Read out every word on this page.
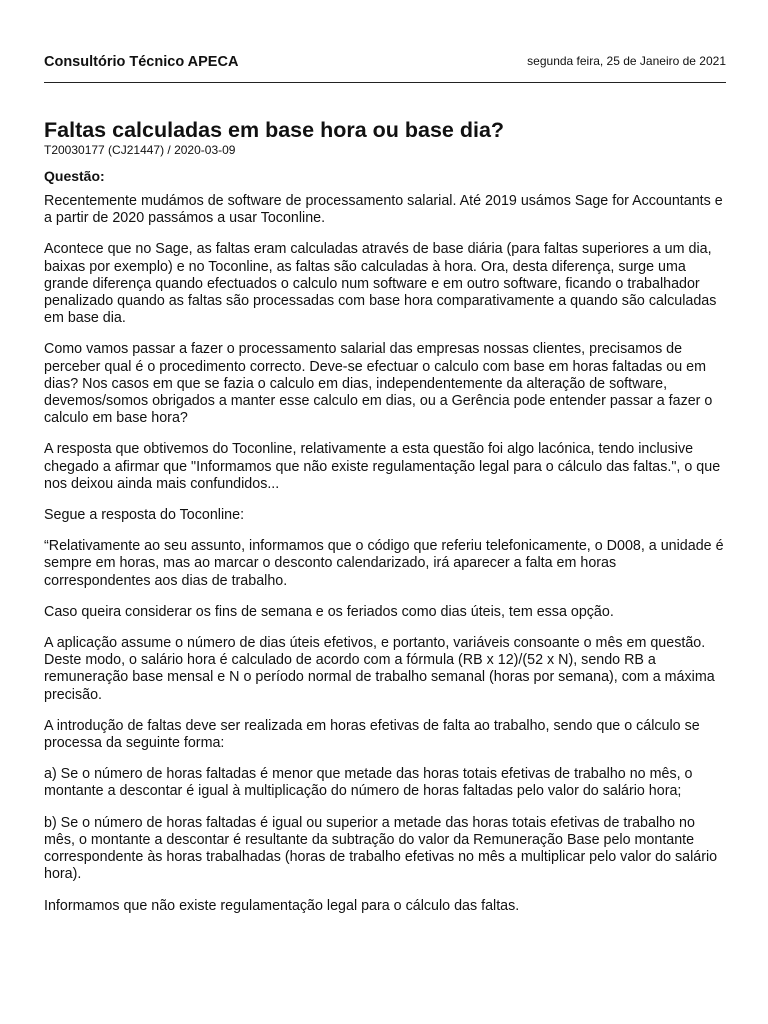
Consultório Técnico APECA	segunda feira, 25 de Janeiro de 2021
Faltas calculadas em base hora ou base dia?
T20030177 (CJ21447) / 2020-03-09
Questão:

Recentemente mudámos de software de processamento salarial. Até 2019 usámos Sage for Accountants e a partir de 2020 passámos a usar Toconline.

Acontece que no Sage, as faltas eram calculadas através de base diária (para faltas superiores a um dia, baixas por exemplo) e no Toconline, as faltas são calculadas à hora. Ora, desta diferença, surge uma grande diferença quando efectuados o calculo num software e em outro software, ficando o trabalhador penalizado quando as faltas são processadas com base hora comparativamente a quando são calculadas em base dia.

Como vamos passar a fazer o processamento salarial das empresas nossas clientes, precisamos de perceber qual é o procedimento correcto. Deve-se efectuar o calculo com base em horas faltadas ou em dias? Nos casos em que se fazia o calculo em dias, independentemente da alteração de software, devemos/somos obrigados a manter esse calculo em dias, ou a Gerência pode entender passar a fazer o calculo em base hora?

A resposta que obtivemos do Toconline, relativamente a esta questão foi algo lacónica, tendo inclusive chegado a afirmar que "Informamos que não existe regulamentação legal para o cálculo das faltas.", o que nos deixou ainda mais confundidos...

Segue a resposta do Toconline:

“Relativamente ao seu assunto, informamos que o código que referiu telefonicamente, o D008, a unidade é sempre em horas, mas ao marcar o desconto calendarizado, irá aparecer a falta em horas correspondentes aos dias de trabalho.

Caso queira considerar os fins de semana e os feriados como dias úteis, tem essa opção.

A aplicação assume o número de dias úteis efetivos, e portanto, variáveis consoante o mês em questão. Deste modo, o salário hora é calculado de acordo com a fórmula (RB x 12)/(52 x N), sendo RB a remuneração base mensal e N o período normal de trabalho semanal (horas por semana), com a máxima precisão.

A introdução de faltas deve ser realizada em horas efetivas de falta ao trabalho, sendo que o cálculo se processa da seguinte forma:

a) Se o número de horas faltadas é menor que metade das horas totais efetivas de trabalho no mês, o montante a descontar é igual à multiplicação do número de horas faltadas pelo valor do salário hora;

b) Se o número de horas faltadas é igual ou superior a metade das horas totais efetivas de trabalho no mês, o montante a descontar é resultante da subtração do valor da Remuneração Base pelo montante correspondente às horas trabalhadas (horas de trabalho efetivas no mês a multiplicar pelo valor do salário hora).

Informamos que não existe regulamentação legal para o cálculo das faltas.
